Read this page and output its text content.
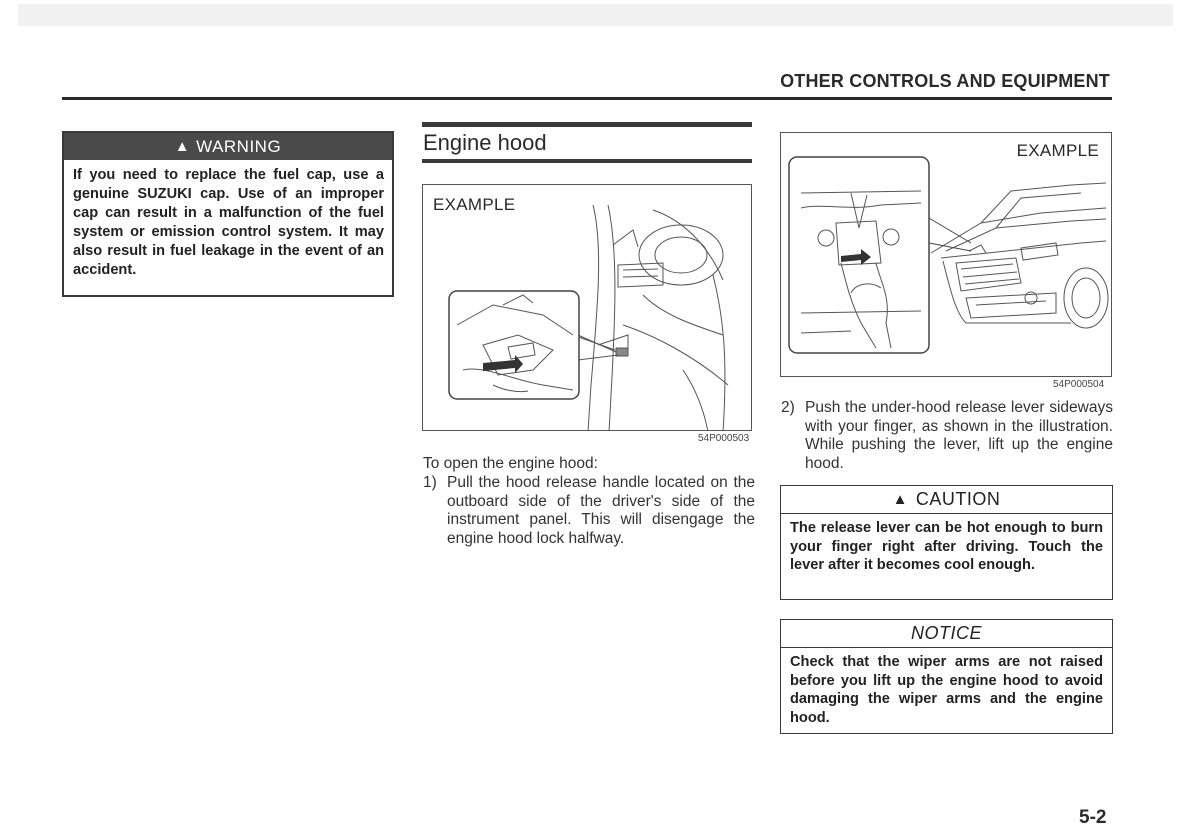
OTHER CONTROLS AND EQUIPMENT
▲ WARNING
If you need to replace the fuel cap, use a genuine SUZUKI cap. Use of an improper cap can result in a malfunction of the fuel system or emission control system. It may also result in fuel leakage in the event of an accident.
Engine hood
EXAMPLE
54P000503
To open the engine hood:
1) Pull the hood release handle located on the outboard side of the driver's side of the instrument panel. This will disengage the engine hood lock halfway.
EXAMPLE
54P000504
2) Push the under-hood release lever sideways with your finger, as shown in the illustration. While pushing the lever, lift up the engine hood.
▲ CAUTION
The release lever can be hot enough to burn your finger right after driving. Touch the lever after it becomes cool enough.
NOTICE
Check that the wiper arms are not raised before you lift up the engine hood to avoid damaging the wiper arms and the engine hood.
5-2
